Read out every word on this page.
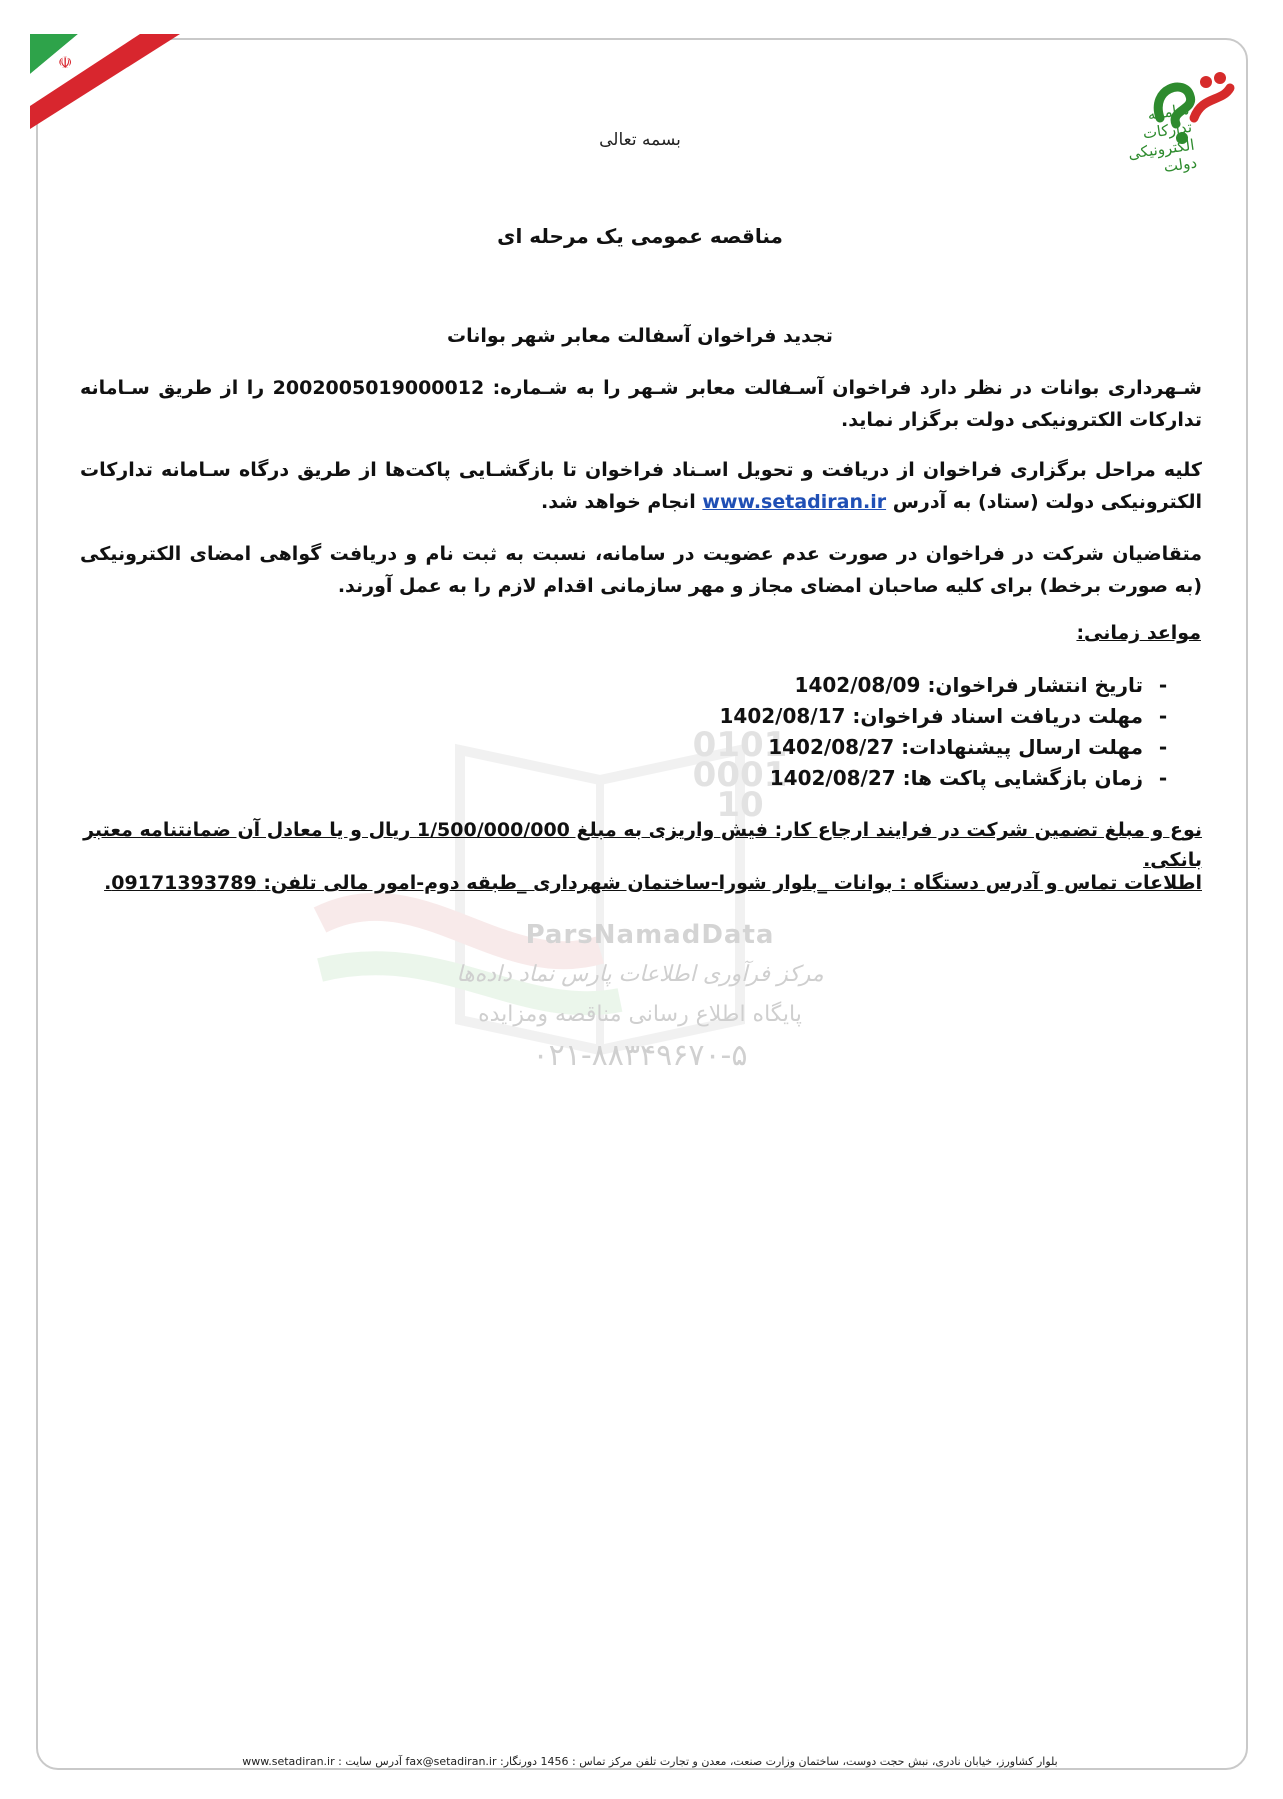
☫
سامانه تدارکات الکترونیکی دولت
0101
0001
10
ParsNamadData
مرکز فرآوری اطلاعات پارس نماد داده‌ها
پایگاه اطلاع رسانی مناقصه ومزایده
۰۲۱-۸۸۳۴۹۶۷۰-۵
بسمه تعالی
مناقصه عمومی یک مرحله ای
تجدید فراخوان آسفالت معابر شهر بوانات
شـهرداری بوانات در نظر دارد فراخوان آسـفالت معابر شـهر را به شـماره: 2002005019000012 را از طریق سـامانه تدارکات الکترونیکی دولت برگزار نماید.
کلیه مراحل برگزاری فراخوان از دریافت و تحویل اسـناد فراخوان تا بازگشـایی پاکت‌ها از طریق درگاه سـامانه تدارکات الکترونیکی دولت (ستاد) به آدرس www.setadiran.ir انجام خواهد شد.
متقاضیان شرکت در فراخوان در صورت عدم عضویت در سامانه، نسبت به ثبت نام و دریافت گواهی امضای الکترونیکی (به صورت برخط) برای کلیه صاحبان امضای مجاز و مهر سازمانی اقدام لازم را به عمل آورند.
مواعد زمانی:
-تاریخ انتشار فراخوان: 1402/08/09
-مهلت دریافت اسناد فراخوان: 1402/08/17
-مهلت ارسال پیشنهادات: 1402/08/27
-زمان بازگشایی پاکت ها: 1402/08/27
نوع و مبلغ تضمین شرکت در فرایند ارجاع کار: فیش واریزی به مبلغ 1/500/000/000 ریال و یا معادل آن ضمانتنامه معتبر بانکی.
اطلاعات تماس و آدرس دستگاه : بوانات _بلوار شورا-ساختمان شهرداری _طبقه دوم-امور مالی تلفن: 09171393789.
بلوار کشاورز، خیابان نادری، نبش حجت دوست، ساختمان وزارت صنعت، معدن و تجارت تلفن مرکز تماس : 1456 دورنگار: fax@setadiran.ir آدرس سایت : www.setadiran.ir
